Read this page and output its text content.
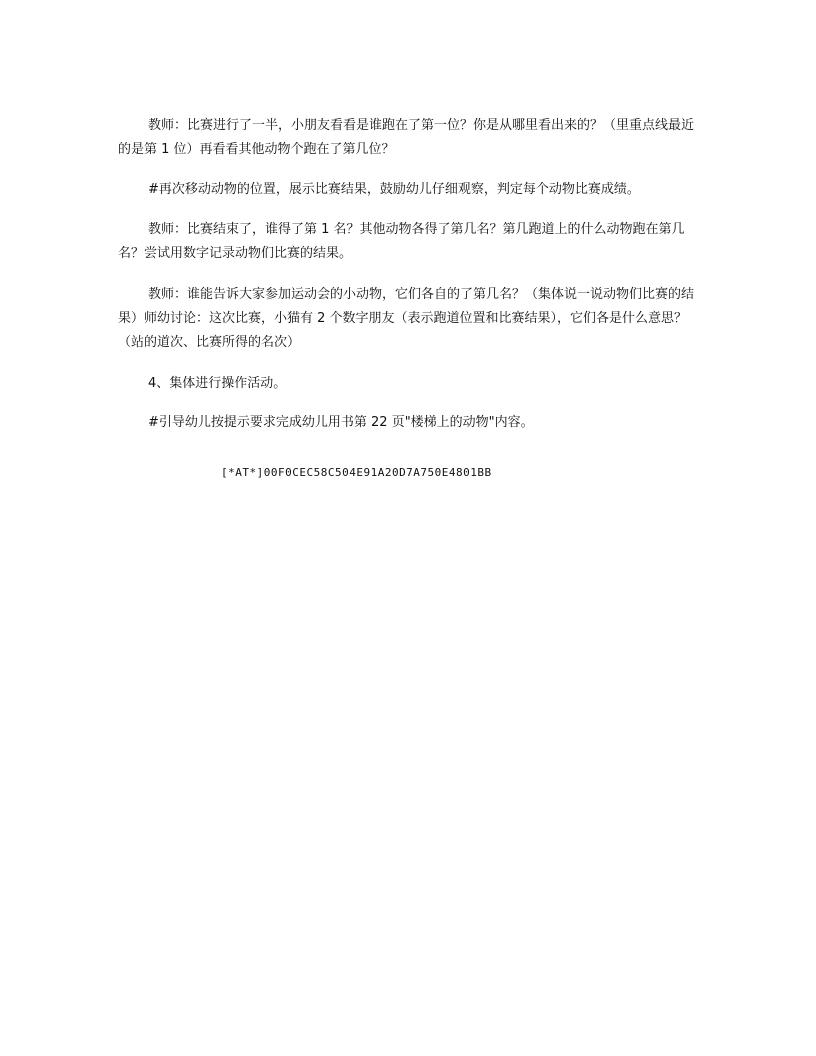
教师：比赛进行了一半，小朋友看看是谁跑在了第一位？你是从哪里看出来的？（里重点线最近的是第 1 位）再看看其他动物个跑在了第几位？

#再次移动动物的位置，展示比赛结果，鼓励幼儿仔细观察，判定每个动物比赛成绩。

教师：比赛结束了，谁得了第 1 名？其他动物各得了第几名？第几跑道上的什么动物跑在第几名？尝试用数字记录动物们比赛的结果。

教师：谁能告诉大家参加运动会的小动物，它们各自的了第几名？（集体说一说动物们比赛的结果）师幼讨论：这次比赛，小猫有 2 个数字朋友（表示跑道位置和比赛结果），它们各是什么意思？（站的道次、比赛所得的名次）

4、集体进行操作活动。

#引导幼儿按提示要求完成幼儿用书第 22 页"楼梯上的动物"内容。

[*AT*]00F0CEC58C504E91A20D7A750E4801BB
